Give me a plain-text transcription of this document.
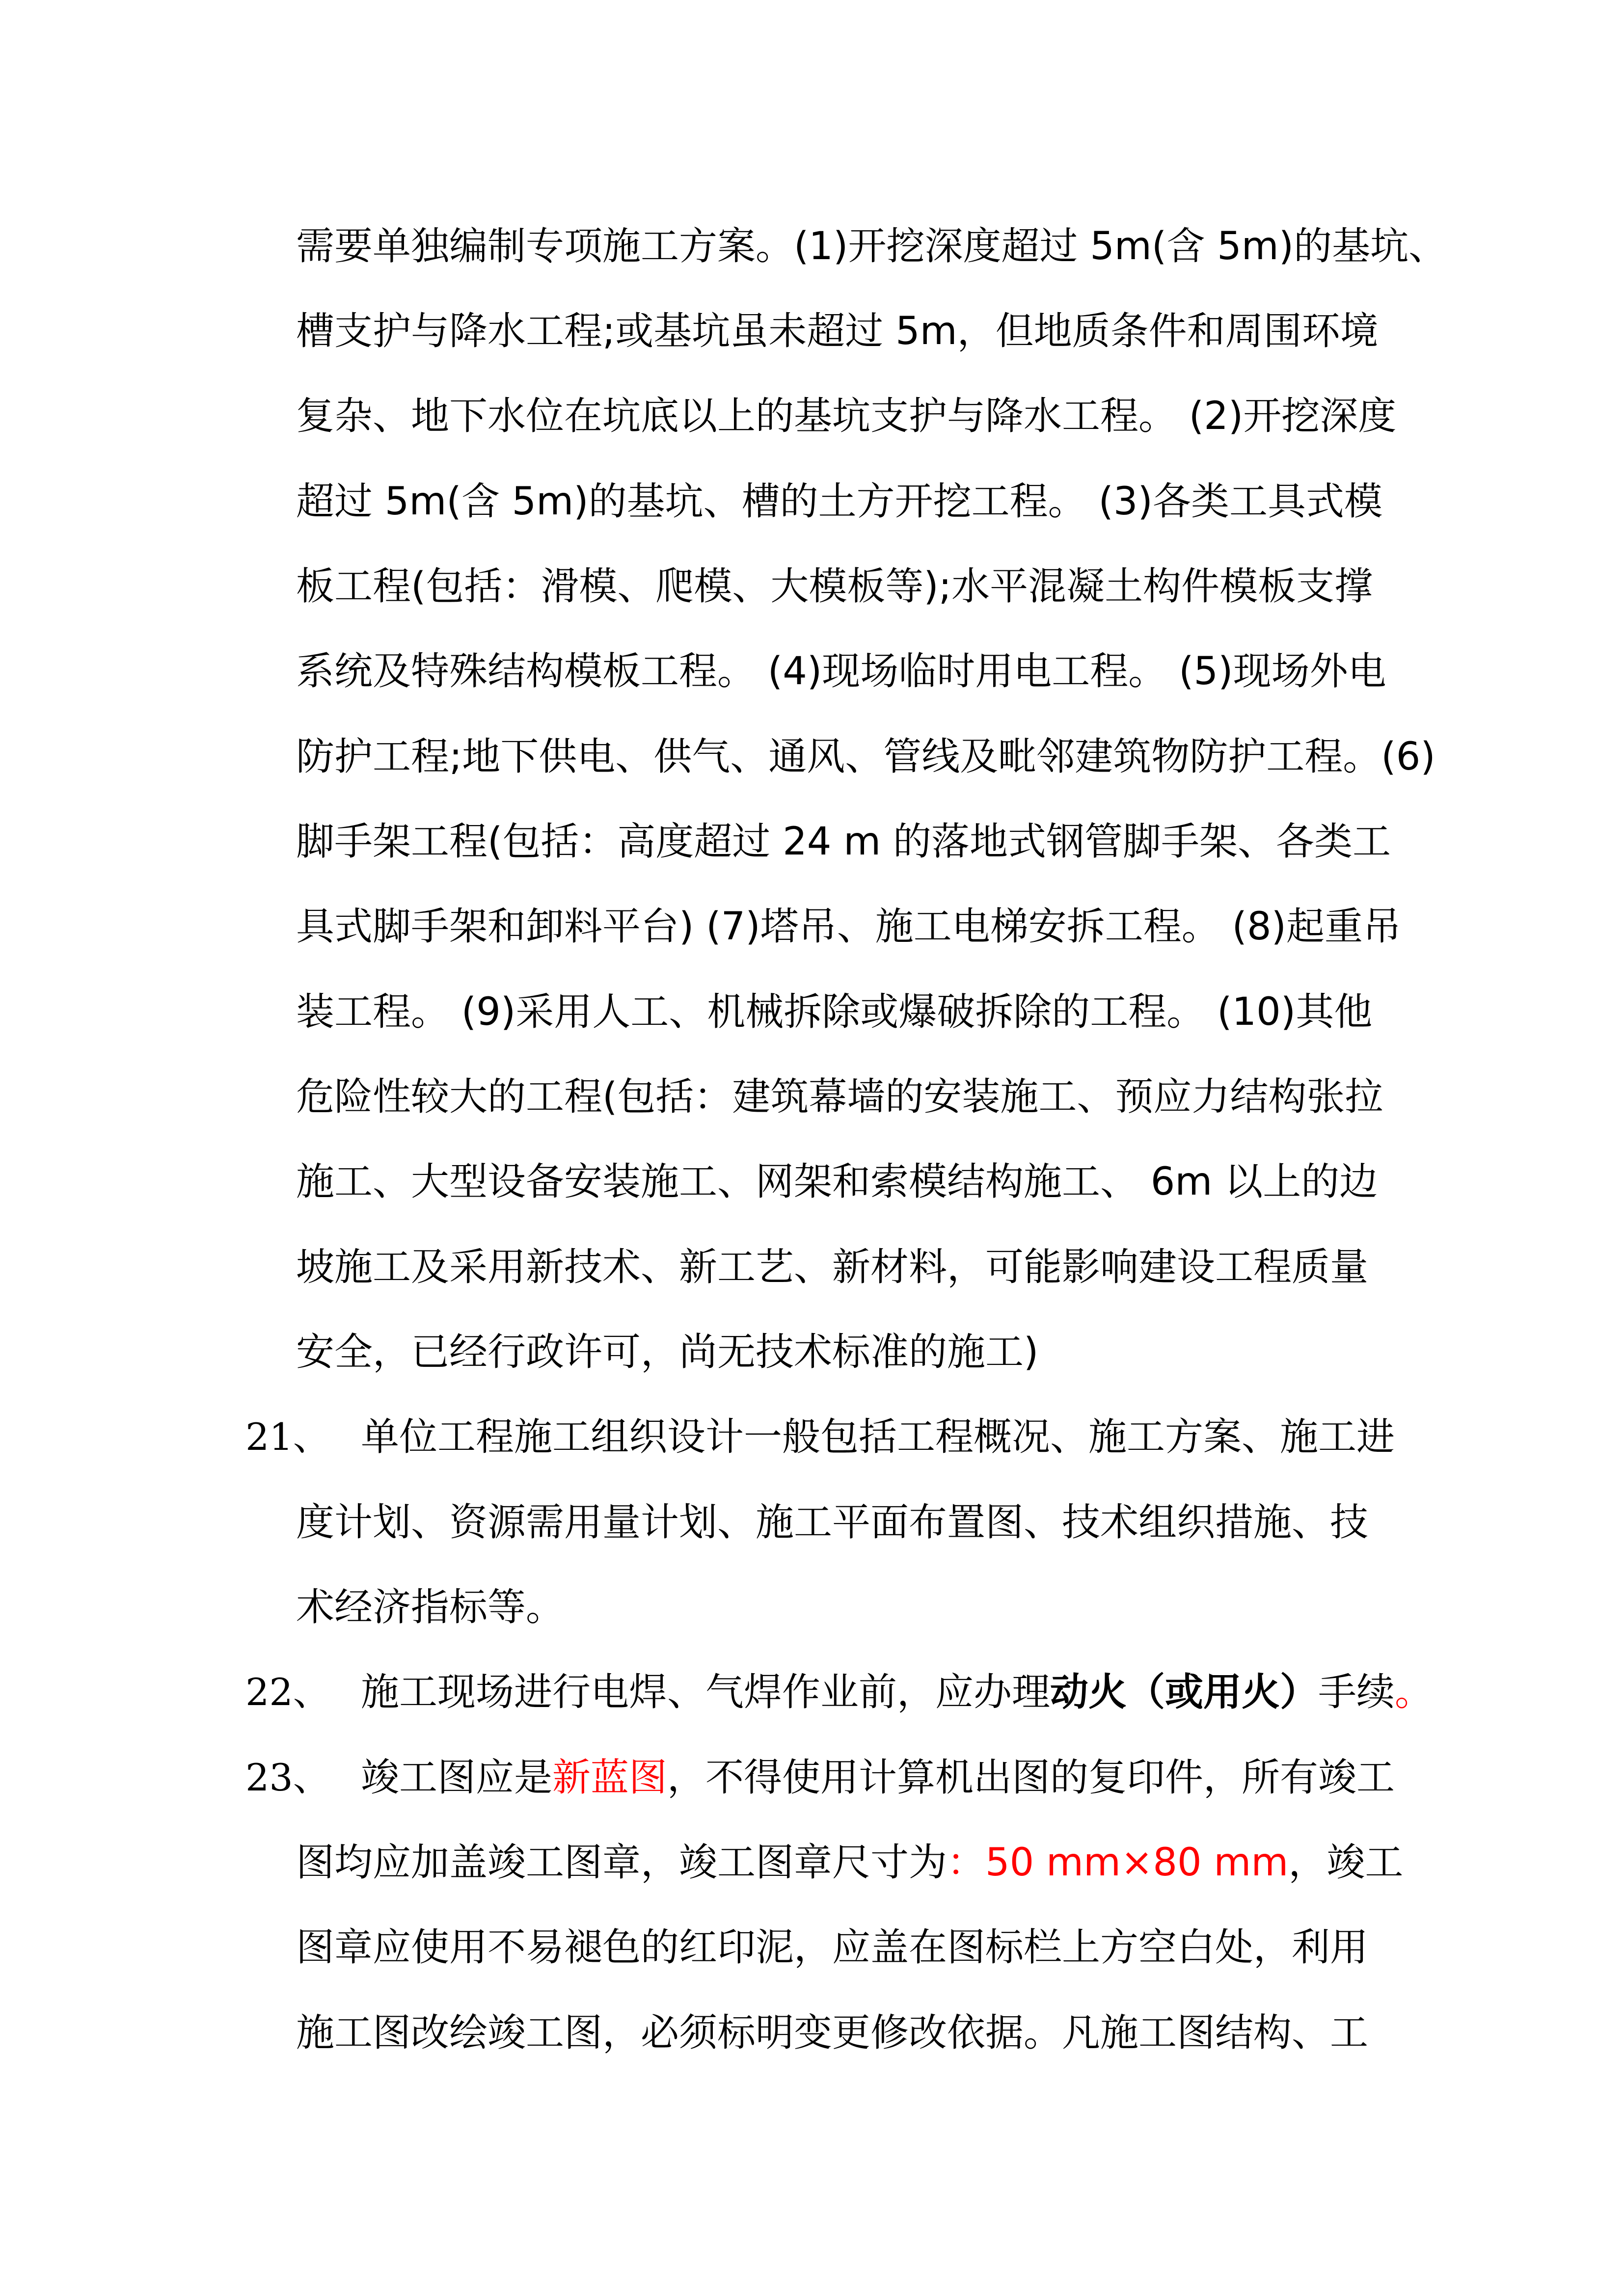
需要单独编制专项施工方案。(1)开挖深度超过 5m(含 5m)的基坑、
槽支护与降水工程;或基坑虽未超过 5m，但地质条件和周围环境
复杂、地下水位在坑底以上的基坑支护与降水工程。 (2)开挖深度
超过 5m(含 5m)的基坑、槽的土方开挖工程。 (3)各类工具式模
板工程(包括：滑模、爬模、大模板等);水平混凝土构件模板支撑
系统及特殊结构模板工程。 (4)现场临时用电工程。 (5)现场外电
防护工程;地下供电、供气、通风、管线及毗邻建筑物防护工程。(6)
脚手架工程(包括：高度超过 24 m 的落地式钢管脚手架、各类工
具式脚手架和卸料平台) (7)塔吊、施工电梯安拆工程。 (8)起重吊
装工程。 (9)采用人工、机械拆除或爆破拆除的工程。 (10)其他
危险性较大的工程(包括：建筑幕墙的安装施工、预应力结构张拉
施工、大型设备安装施工、网架和索模结构施工、 6m 以上的边
坡施工及采用新技术、新工艺、新材料，可能影响建设工程质量
安全，已经行政许可，尚无技术标准的施工)
21、 单位工程施工组织设计一般包括工程概况、施工方案、施工进
度计划、资源需用量计划、施工平面布置图、技术组织措施、技
术经济指标等。
22、 施工现场进行电焊、气焊作业前，应办理动火（或用火）手续。
23、 竣工图应是新蓝图，不得使用计算机出图的复印件，所有竣工
图均应加盖竣工图章，竣工图章尺寸为：50 mm×80 mm，竣工
图章应使用不易褪色的红印泥，应盖在图标栏上方空白处，利用
施工图改绘竣工图，必须标明变更修改依据。凡施工图结构、工
